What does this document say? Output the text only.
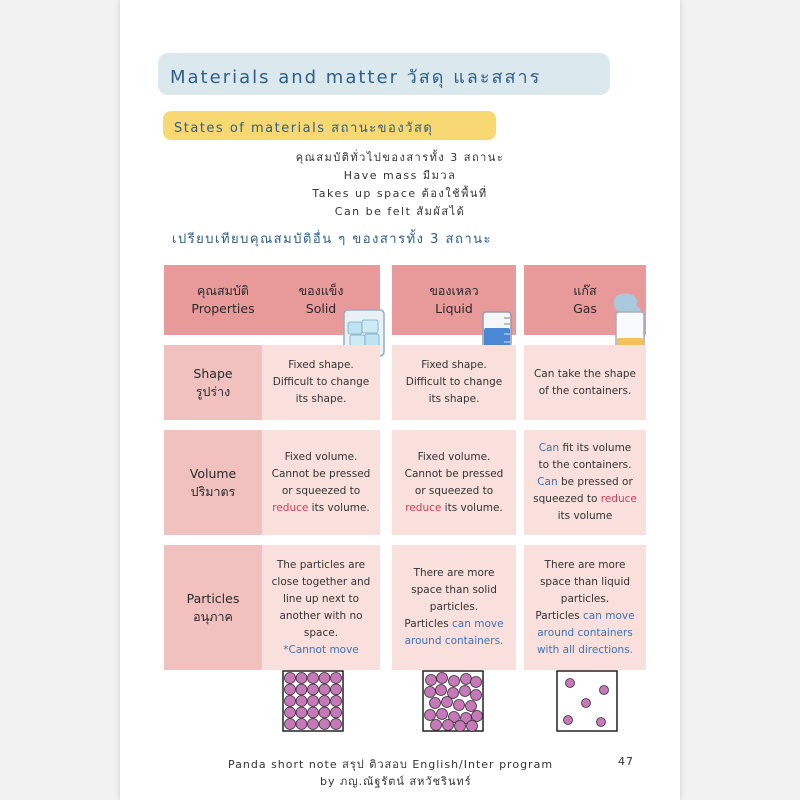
Materials and matter วัสดุ และสสาร
States of materials สถานะของวัสดุ
คุณสมบัติทั่วไปของสารทั้ง 3 สถานะ
Have mass มีมวล
Takes up space ต้องใช้พื้นที่
Can be felt สัมผัสได้
เปรียบเทียบคุณสมบัติอื่น ๆ ของสารทั้ง 3 สถานะ
คุณสมบัติ
Properties
ของแข็ง
Solid
ของเหลว
Liquid
แก๊ส
Gas
Shape
รูปร่าง
Fixed shape.
Difficult to change
its shape.
Fixed shape.
Difficult to change
its shape.
Can take the shape
of the containers.
Volume
ปริมาตร
Fixed volume.
Cannot be pressed
or squeezed to
reduce its volume.
Fixed volume.
Cannot be pressed
or squeezed to
reduce its volume.
Can fit its volume
to the containers.
Can be pressed or
squeezed to reduce
its volume
Particles
อนุภาค
The particles are
close together and
line up next to
another with no
space.
*Cannot move
There are more
space than solid
particles.
Particles can move
around containers.
There are more
space than liquid
particles.
Particles can move
around containers
with all directions.
Panda short note สรุป ติวสอบ English/Inter program	47
by ภญ.ณัฐรัตน์ สหวัชรินทร์
